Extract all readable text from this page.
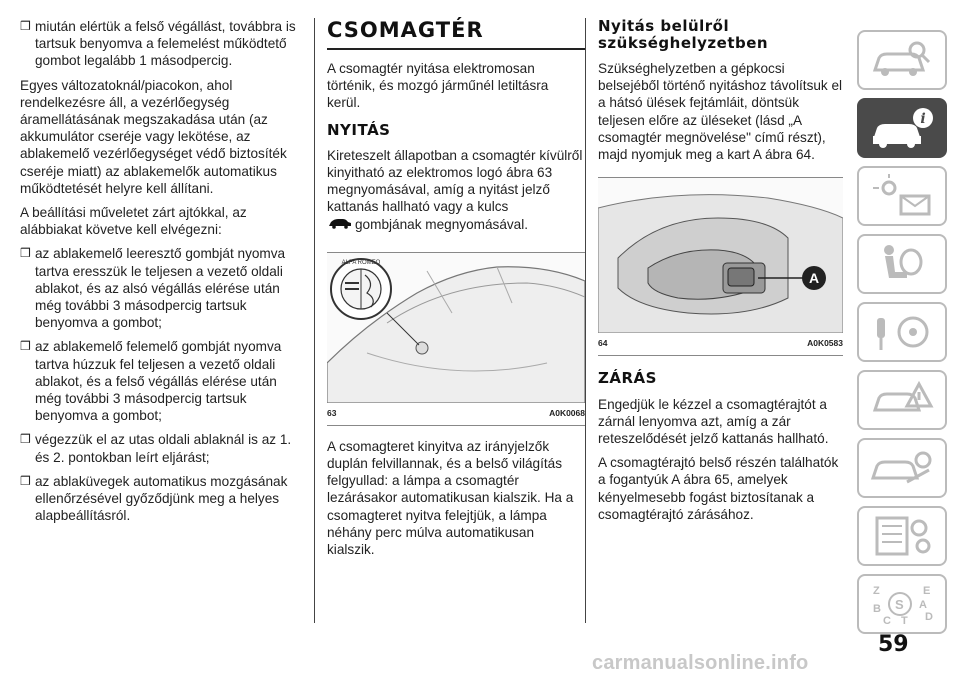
❒ miután elértük a felső végállást, továbbra is tartsuk benyomva a felemelést működtető gombot legalább 1 másodpercig.

Egyes változatoknál/piacokon, ahol rendelkezésre áll, a vezérlőegység áramellátásának megszakadása után (az akkumulátor cseréje vagy lekötése, az ablakemelő vezérlőegységet védő biztosíték cseréje miatt) az ablakemelők automatikus működtetését helyre kell állítani.

A beállítási műveletet zárt ajtókkal, az alábbiakat követve kell elvégezni:

❒ az ablakemelő leeresztő gombját nyomva tartva eresszük le teljesen a vezető oldali ablakot, és az alsó végállás elérése után még további 3 másodpercig tartsuk benyomva a gombot;
❒ az ablakemelő felemelő gombját nyomva tartva húzzuk fel teljesen a vezető oldali ablakot, és a felső végállás elérése után még további 3 másodpercig tartsuk benyomva a gombot;
❒ végezzük el az utas oldali ablaknál is az 1. és 2. pontokban leírt eljárást;
❒ az ablaküvegek automatikus mozgásának ellenőrzésével győződjünk meg a helyes alapbeállításról.
CSOMAGTÉR

A csomagtér nyitása elektromosan történik, és mozgó járműnél letiltásra kerül.

NYITÁS

Kireteszelt állapotban a csomagtér kívülről kinyitható az elektromos logó ábra 63 megnyomásával, amíg a nyitást jelző kattanás hallható vagy a kulcs
gombjának megnyomásával.

ALFA ROMEO
63	A0K0068

A csomagteret kinyitva az irányjelzők duplán felvillannak, és a belső világítás felgyullad: a lámpa a csomagtér lezárásakor automatikusan kialszik. Ha a csomagteret nyitva felejtjük, a lámpa néhány perc múlva automatikusan kialszik.

Nyitás belülről szükséghelyzetben

Szükséghelyzetben a gépkocsi belsejéből történő nyitáshoz távolítsuk el a hátsó ülések fejtámláit, döntsük teljesen előre az üléseket (lásd „A csomagtér megnövelése" című részt), majd nyomjuk meg a kart A ábra 64.

A
64	A0K0583
ZÁRÁS

Engedjük le kézzel a csomagtérajtót a zárnál lenyomva azt, amíg a zár reteszelődését jelző kattanás hallható.

A csomagtérajtó belső részén találhatók a fogantyúk A ábra 65, amelyek kényelmesebb fogást biztosítanak a csomagtérajtó zárásához.

i
Z	E
S A
B
C T D
59
carmanualsonline.info
